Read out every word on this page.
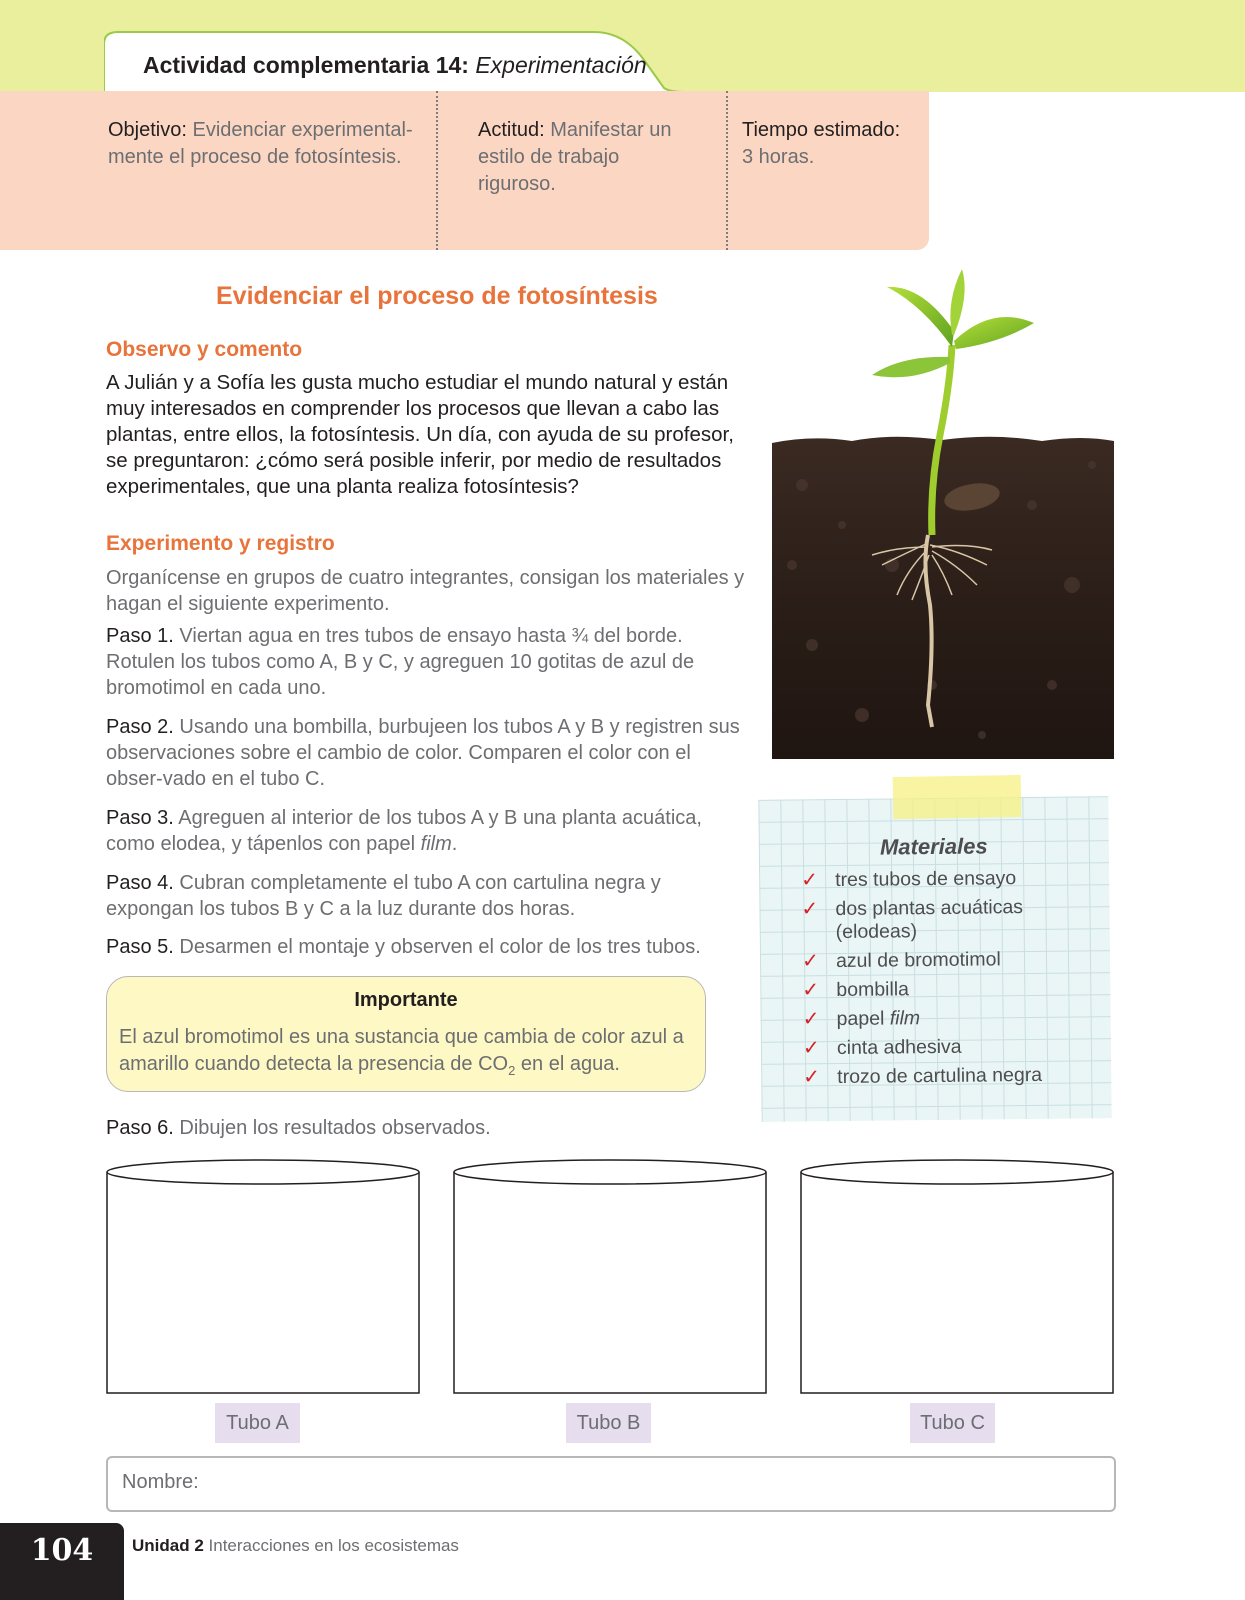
Actividad complementaria 14: Experimentación
Objetivo: Evidenciar experimental-mente el proceso de fotosíntesis.
Actitud: Manifestar un estilo de trabajo riguroso.
Tiempo estimado:
3 horas.
Evidenciar el proceso de fotosíntesis
Observo y comento
A Julián y a Sofía les gusta mucho estudiar el mundo natural y están muy interesados en comprender los procesos que llevan a cabo las plantas, entre ellos, la fotosíntesis. Un día, con ayuda de su profesor, se preguntaron: ¿cómo será posible inferir, por medio de resultados experimentales, que una planta realiza fotosíntesis?
Experimento y registro
Organícense en grupos de cuatro integrantes, consigan los materiales y hagan el siguiente experimento.
Paso 1. Viertan agua en tres tubos de ensayo hasta ¾ del borde. Rotulen los tubos como A, B y C, y agreguen 10 gotitas de azul de bromotimol en cada uno.
Paso 2. Usando una bombilla, burbujeen los tubos A y B y registren sus observaciones sobre el cambio de color. Comparen el color con el obser-vado en el tubo C.
Paso 3. Agreguen al interior de los tubos A y B una planta acuática, como elodea, y tápenlos con papel film.
Paso 4. Cubran completamente el tubo A con cartulina negra y expongan los tubos B y C a la luz durante dos horas.
Paso 5. Desarmen el montaje y observen el color de los tres tubos.
Importante
El azul bromotimol es una sustancia que cambia de color azul a amarillo cuando detecta la presencia de $CO_2$ en el agua.
Materiales
✓ tres tubos de ensayo
✓ dos plantas acuáticas (elodeas)
✓ azul de bromotimol
✓ bombilla
✓ papel film
✓ cinta adhesiva
✓ trozo de cartulina negra
Paso 6. Dibujen los resultados observados.
Tubo A	Tubo B	Tubo C
Nombre:
104	Unidad 2 Interacciones en los ecosistemas
